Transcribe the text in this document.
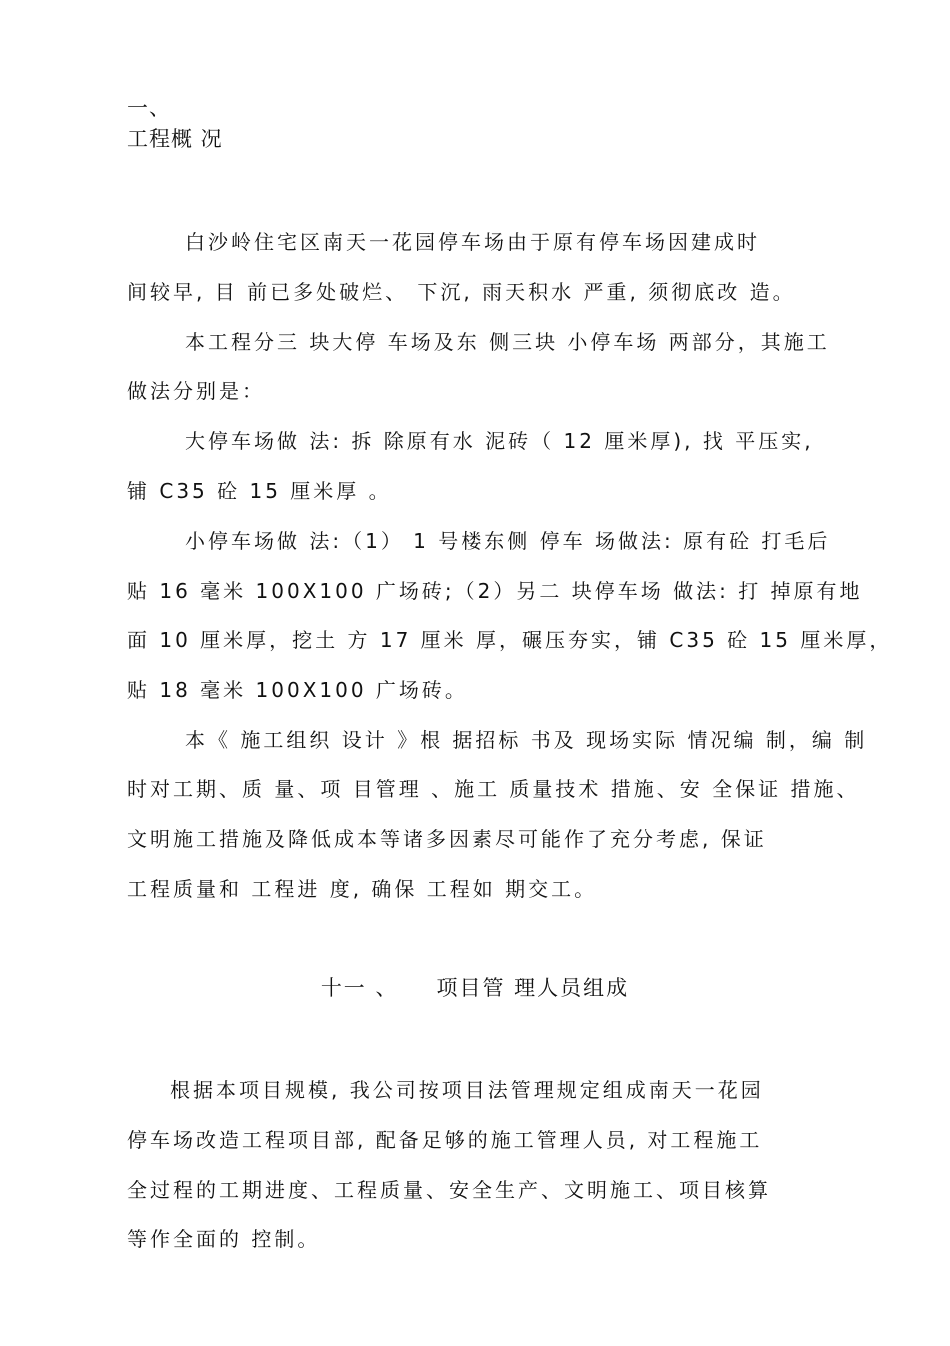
一、
工程概 况
白沙岭住宅区南天一花园停车场由于原有停车场因建成时
间较早, 目 前已多处破烂、 下沉, 雨天积水 严重, 须彻底改 造。
本工程分三 块大停 车场及东 侧三块 小停车场 两部分，其施工
做法分别是：
大停车场做 法: 拆 除原有水 泥砖（ 12 厘米厚), 找 平压实,
铺 C35 砼 15 厘米厚 。
小停车场做 法:（1） 1 号楼东侧 停车 场做法: 原有砼 打毛后
贴 16 毫米 100X100 广场砖;（2）另二 块停车场 做法: 打 掉原有地
面 10 厘米厚，挖土 方 17 厘米 厚，碾压夯实，铺 C35 砼 15 厘米厚，
贴 18 毫米 100X100 广场砖。
本《 施工组织 设计 》根 据招标 书及 现场实际 情况编 制，编 制
时对工期、质 量、项 目管理 、施工 质量技术 措施、安 全保证 措施、
文明施工措施及降低成本等诸多因素尽可能作了充分考虑, 保证
工程质量和 工程进 度, 确保 工程如 期交工。
十一 、 项目管 理人员组成
根据本项目规模, 我公司按项目法管理规定组成南天一花园
停车场改造工程项目部, 配备足够的施工管理人员, 对工程施工
全过程的工期进度、工程质量、安全生产、文明施工、项目核算
等作全面的 控制。
